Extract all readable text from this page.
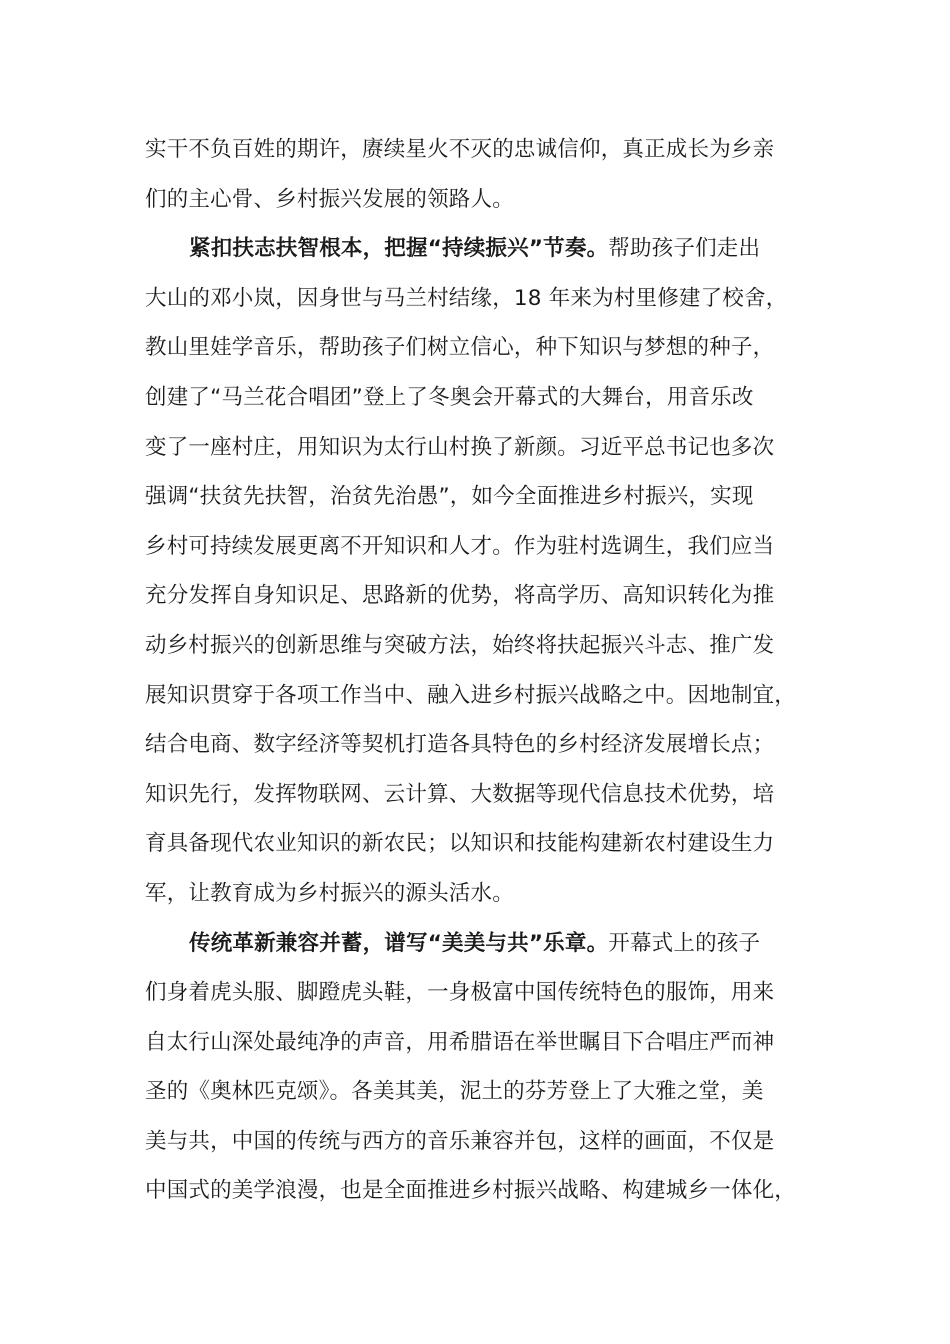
实干不负百姓的期许，赓续星火不灭的忠诚信仰，真正成长为乡亲
们的主心骨、乡村振兴发展的领路人。
紧扣扶志扶智根本，把握“持续振兴”节奏。帮助孩子们走出
大山的邓小岚，因身世与马兰村结缘，18 年来为村里修建了校舍，
教山里娃学音乐，帮助孩子们树立信心，种下知识与梦想的种子，
创建了“马兰花合唱团”登上了冬奥会开幕式的大舞台，用音乐改
变了一座村庄，用知识为太行山村换了新颜。习近平总书记也多次
强调“扶贫先扶智，治贫先治愚”，如今全面推进乡村振兴，实现
乡村可持续发展更离不开知识和人才。作为驻村选调生，我们应当
充分发挥自身知识足、思路新的优势，将高学历、高知识转化为推
动乡村振兴的创新思维与突破方法，始终将扶起振兴斗志、推广发
展知识贯穿于各项工作当中、融入进乡村振兴战略之中。因地制宜，
结合电商、数字经济等契机打造各具特色的乡村经济发展增长点；
知识先行，发挥物联网、云计算、大数据等现代信息技术优势，培
育具备现代农业知识的新农民；以知识和技能构建新农村建设生力
军，让教育成为乡村振兴的源头活水。
传统革新兼容并蓄，谱写“美美与共”乐章。开幕式上的孩子
们身着虎头服、脚蹬虎头鞋，一身极富中国传统特色的服饰，用来
自太行山深处最纯净的声音，用希腊语在举世瞩目下合唱庄严而神
圣的《奥林匹克颂》。各美其美，泥土的芬芳登上了大雅之堂，美
美与共，中国的传统与西方的音乐兼容并包，这样的画面，不仅是
中国式的美学浪漫，也是全面推进乡村振兴战略、构建城乡一体化，
